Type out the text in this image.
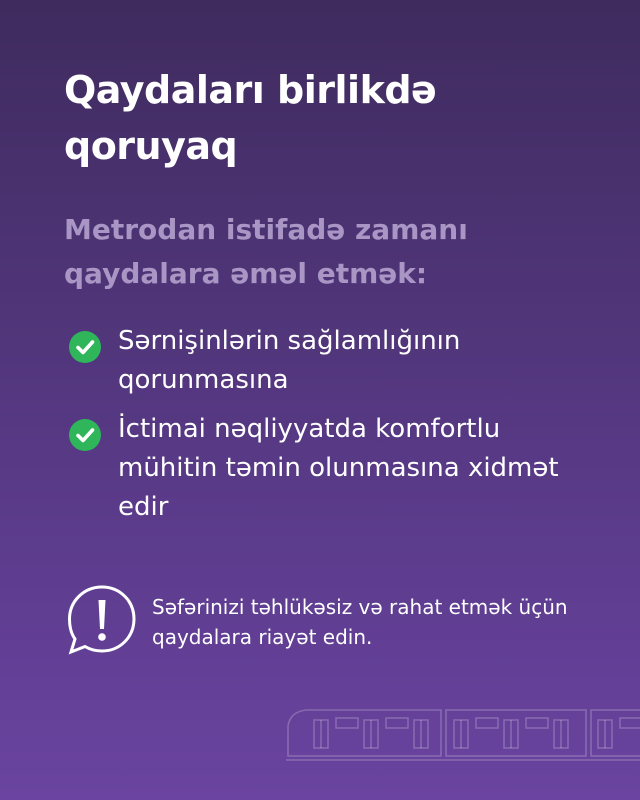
Qaydaları birlikdə qoruyaq

Metrodan istifadə zamanı qaydalara əməl etmək:

Sərnişinlərin sağlamlığının qorunmasına
İctimai nəqliyyatda komfortlu mühitin təmin olunmasına xidmət edir
Səfərinizi təhlükəsiz və rahat etmək üçün qaydalara riayət edin.
